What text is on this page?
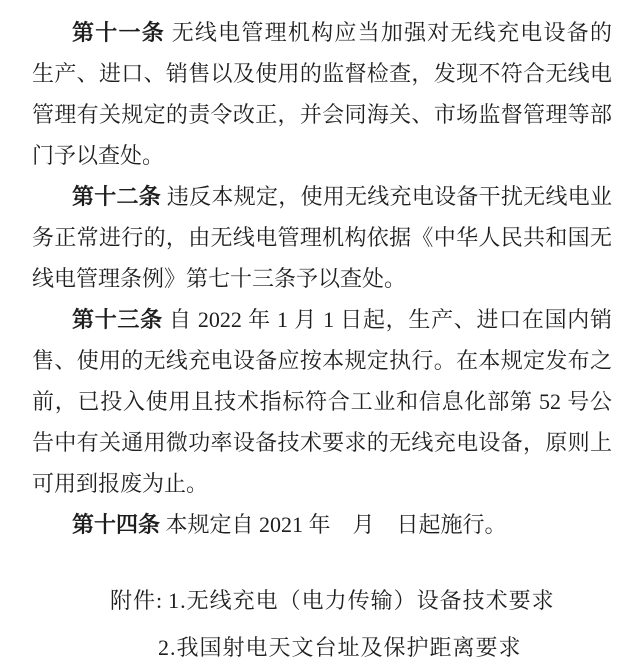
第十一条 无线电管理机构应当加强对无线充电设备的
生产、进口、销售以及使用的监督检查，发现不符合无线电
管理有关规定的责令改正，并会同海关、市场监督管理等部
门予以查处。
第十二条 违反本规定，使用无线充电设备干扰无线电业
务正常进行的，由无线电管理机构依据《中华人民共和国无
线电管理条例》第七十三条予以查处。
第十三条 自 2022 年 1 月 1 日起，生产、进口在国内销
售、使用的无线充电设备应按本规定执行。在本规定发布之
前，已投入使用且技术指标符合工业和信息化部第 52 号公
告中有关通用微功率设备技术要求的无线充电设备，原则上
可用到报废为止。
第十四条 本规定自 2021 年　月　日起施行。
附件: 1.无线充电（电力传输）设备技术要求
2.我国射电天文台址及保护距离要求
